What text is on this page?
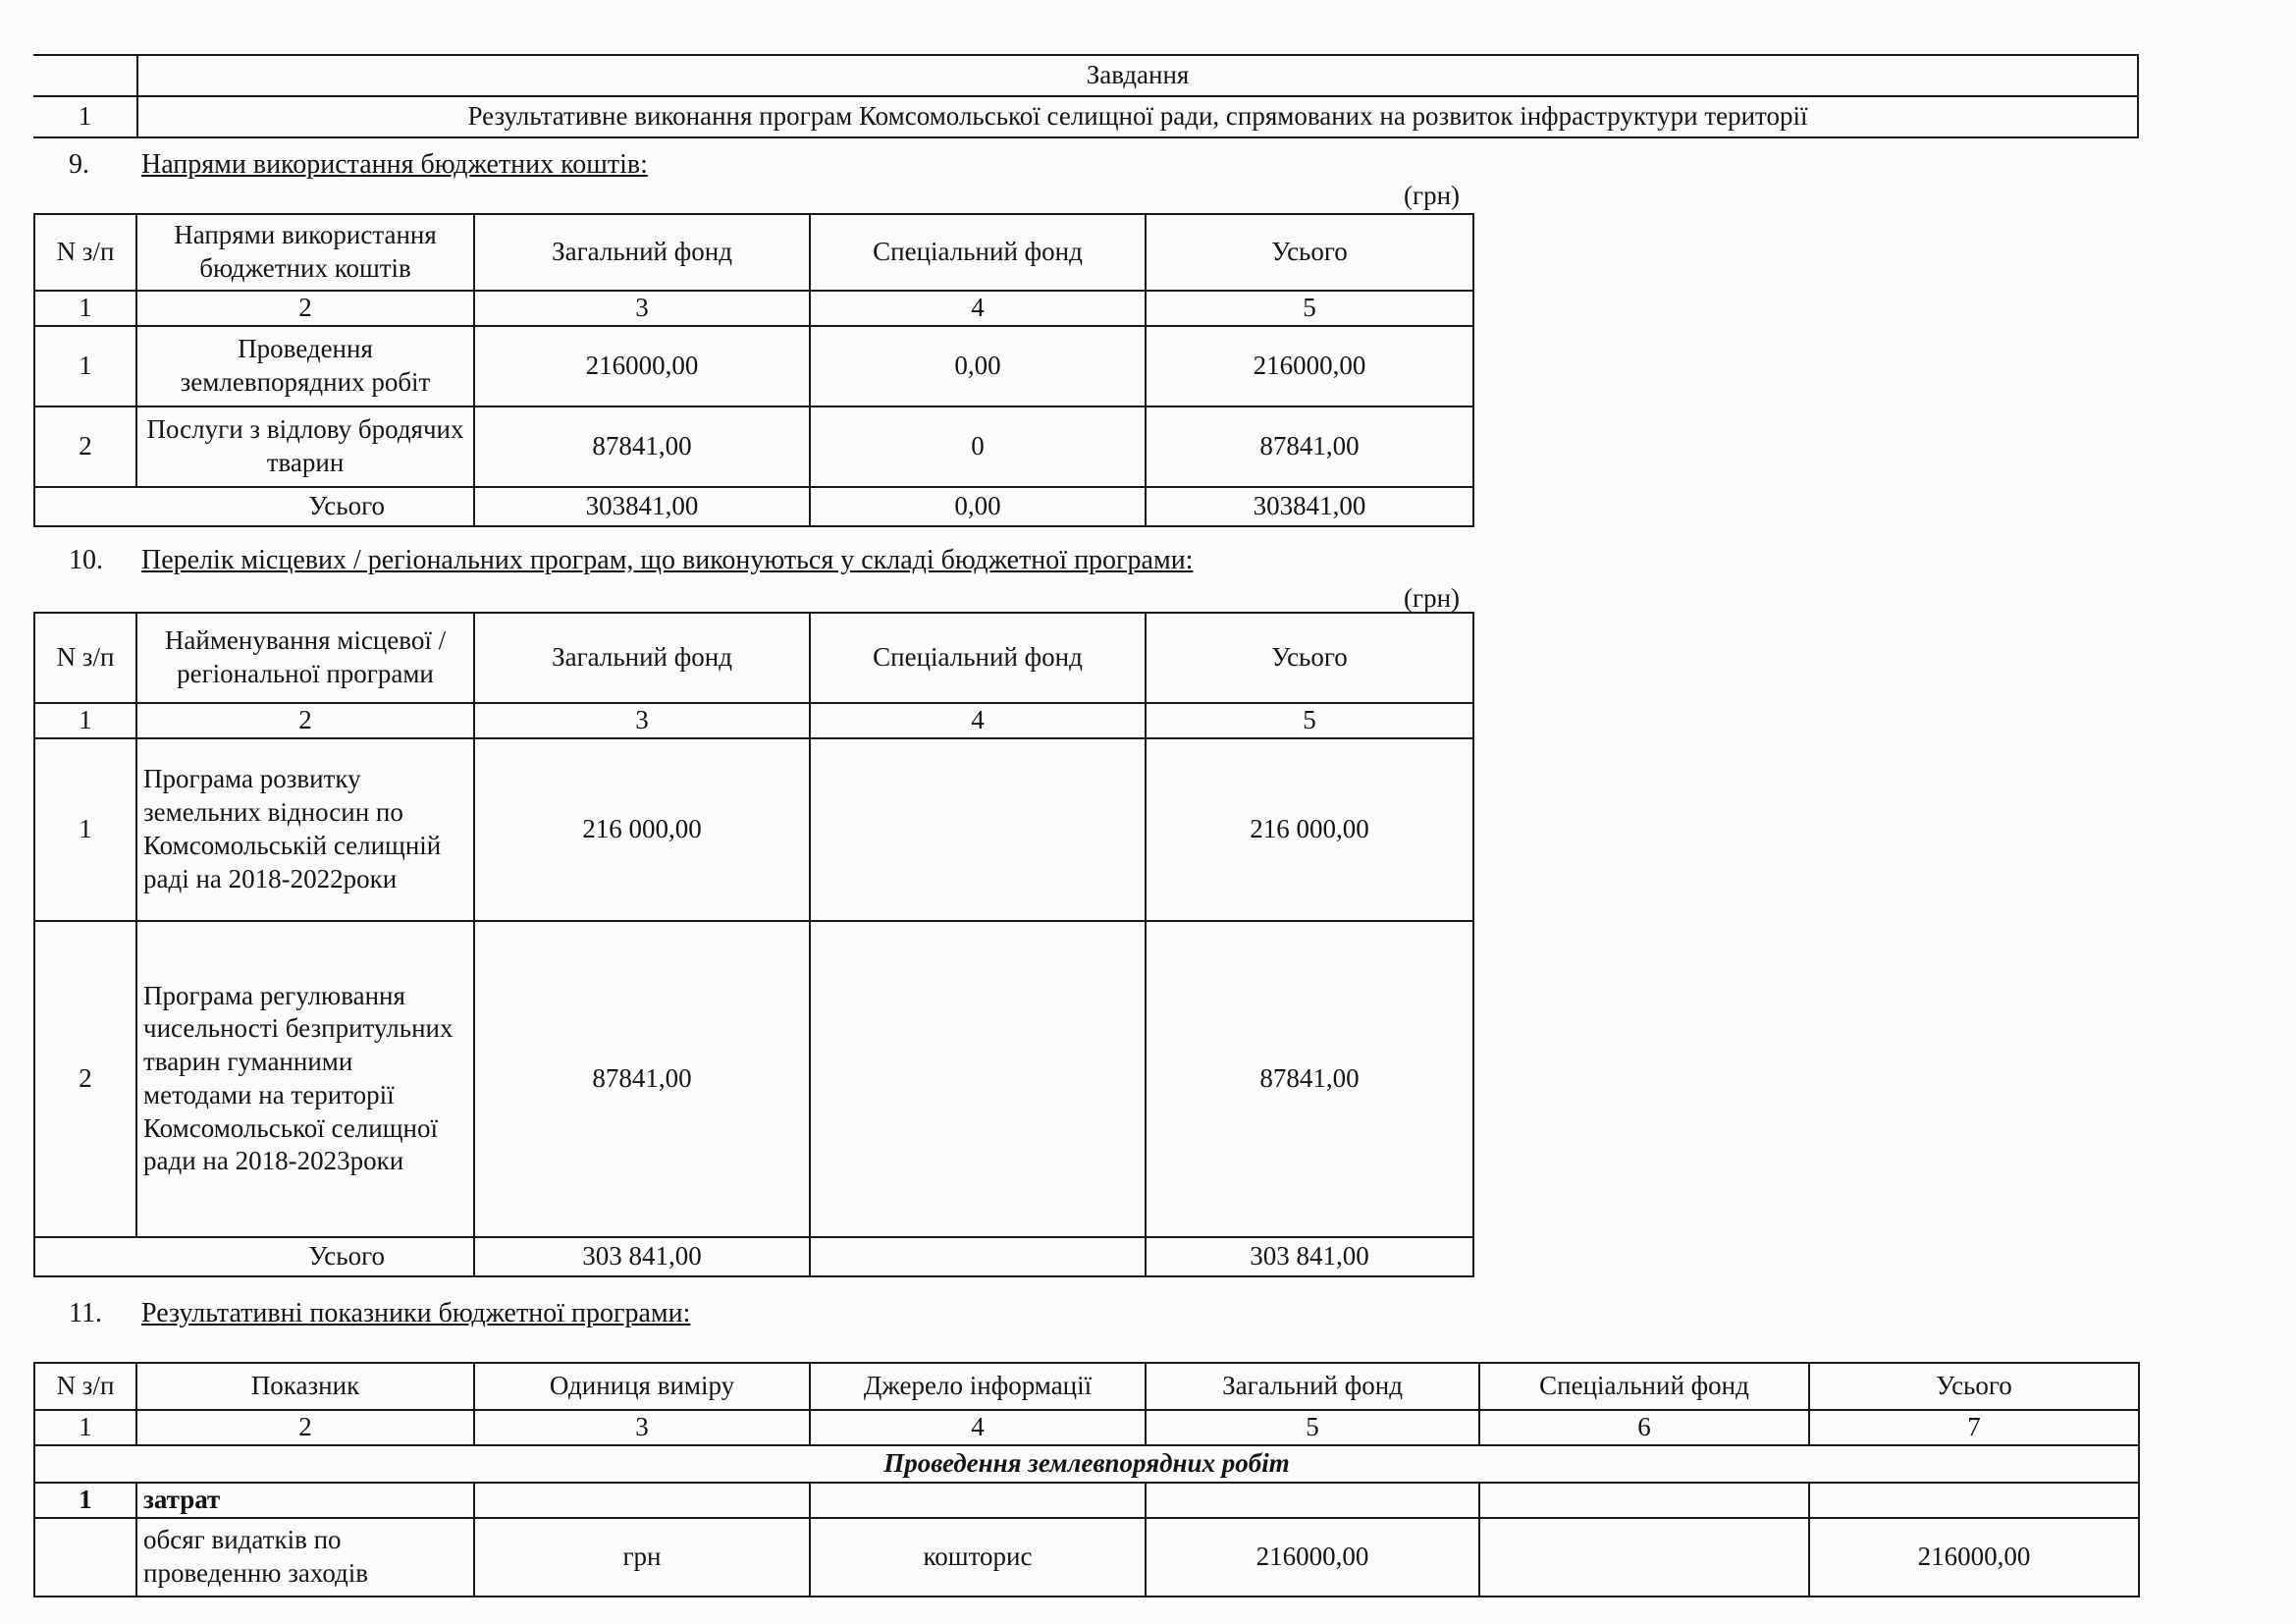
	Завдання
1	Результативне виконання програм Комсомольської селищної ради, спрямованих на розвиток інфраструктури території
9. Напрями використання бюджетних коштів:
(грн)
N з/п	Напрями використання бюджетних коштів	Загальний фонд	Спеціальний фонд	Усього
1	2	3	4	5
1	Проведення землевпорядних робіт	216000,00	0,00	216000,00
2	Послуги з відлову бродячих тварин	87841,00	0	87841,00
Усього		303841,00	0,00	303841,00
10. Перелік місцевих / регіональних програм, що виконуються у складі бюджетної програми:
(грн)
N з/п	Найменування місцевої / регіональної програми	Загальний фонд	Спеціальний фонд	Усього
1	2	3	4	5
1	Програма розвитку земельних відносин по Комсомольській селищній раді на 2018-2022роки	216 000,00		216 000,00
2	Програма регулювання чисельності безпритульних тварин гуманними методами на території Комсомольської селищної ради на 2018-2023роки	87841,00		87841,00
Усього		303 841,00		303 841,00
11. Результативні показники бюджетної програми:
N з/п	Показник	Одиниця виміру	Джерело інформації	Загальний фонд	Спеціальний фонд	Усього
1	2	3	4	5	6	7
Проведення землевпорядних робіт						
1	затрат					
	обсяг видатків по проведенню заходів	грн	кошторис	216000,00		216000,00
